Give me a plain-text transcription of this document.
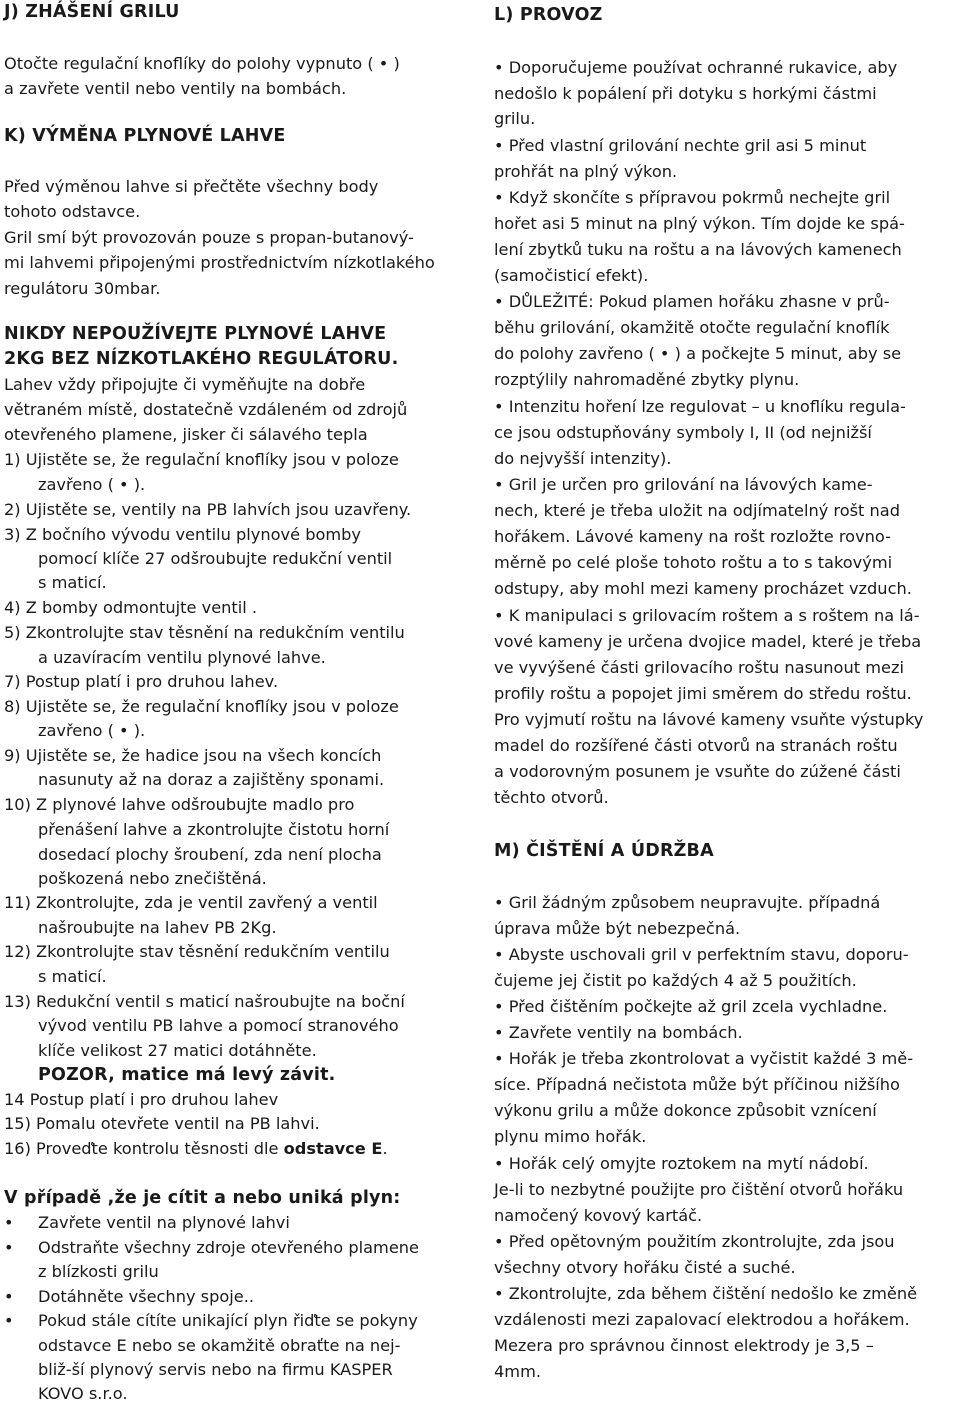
J) ZHÁŠENÍ GRILU
Otočte regulační knoflíky do polohy vypnuto ( • )
a zavřete ventil nebo ventily na bombách.
K) VÝMĚNA PLYNOVÉ LAHVE
Před výměnou lahve si přečtěte všechny body
tohoto odstavce.
Gril smí být provozován pouze s propan-butanový-
mi lahvemi připojenými prostřednictvím nízkotlakého
regulátoru 30mbar.
NIKDY NEPOUŽÍVEJTE PLYNOVÉ LAHVE
2KG BEZ NÍZKOTLAKÉHO REGULÁTORU.
Lahev vždy připojujte či vyměňujte na dobře
větraném místě, dostatečně vzdáleném od zdrojů
otevřeného plamene, jisker či sálavého tepla
1) Ujistěte se, že regulační knoflíky jsou v poloze
zavřeno ( • ).
2) Ujistěte se, ventily na PB lahvích jsou uzavřeny.
3) Z bočního vývodu ventilu plynové bomby
pomocí klíče 27 odšroubujte redukční ventil
s maticí.
4) Z bomby odmontujte ventil .
5) Zkontrolujte stav těsnění na redukčním ventilu
a uzavíracím ventilu plynové lahve.
7) Postup platí i pro druhou lahev.
8) Ujistěte se, že regulační knoflíky jsou v poloze
zavřeno ( • ).
9) Ujistěte se, že hadice jsou na všech koncích
nasunuty až na doraz a zajištěny sponami.
10) Z plynové lahve odšroubujte madlo pro
přenášení lahve a zkontrolujte čistotu horní
dosedací plochy šroubení, zda není plocha
poškozená nebo znečištěná.
11) Zkontrolujte, zda je ventil zavřený a ventil
našroubujte na lahev PB 2Kg.
12) Zkontrolujte stav těsnění redukčním ventilu
s maticí.
13) Redukční ventil s maticí našroubujte na boční
vývod ventilu PB lahve a pomocí stranového
klíče velikost 27 matici dotáhněte.
POZOR, matice má levý závit.
14 Postup platí i pro druhou lahev
15) Pomalu otevřete ventil na PB lahvi.
16) Proveďte kontrolu těsnosti dle odstavce E.
V případě ,že je cítit a nebo uniká plyn:
• Zavřete ventil na plynové lahvi
• Odstraňte všechny zdroje otevřeného plamene
z blízkosti grilu
• Dotáhněte všechny spoje..
• Pokud stále cítíte unikající plyn řiďte se pokyny
odstavce E nebo se okamžitě obraťte na nej-
bliž-ší plynový servis nebo na firmu KASPER
KOVO s.r.o.
L) PROVOZ
• Doporučujeme používat ochranné rukavice, aby
nedošlo k popálení při dotyku s horkými částmi
grilu.
• Před vlastní grilování nechte gril asi 5 minut
prohřát na plný výkon.
• Když skončíte s přípravou pokrmů nechejte gril
hořet asi 5 minut na plný výkon. Tím dojde ke spá-
lení zbytků tuku na roštu a na lávových kamenech
(samočisticí efekt).
• DŮLEŽITÉ: Pokud plamen hořáku zhasne v prů-
běhu grilování, okamžitě otočte regulační knoflík
do polohy zavřeno ( • ) a počkejte 5 minut, aby se
rozptýlily nahromaděné zbytky plynu.
• Intenzitu hoření lze regulovat – u knoflíku regula-
ce jsou odstupňovány symboly I, II (od nejnižší
do nejvyšší intenzity).
• Gril je určen pro grilování na lávových kame-
nech, které je třeba uložit na odjímatelný rošt nad
hořákem. Lávové kameny na rošt rozložte rovno-
měrně po celé ploše tohoto roštu a to s takovými
odstupy, aby mohl mezi kameny procházet vzduch.
• K manipulaci s grilovacím roštem a s roštem na lá-
vové kameny je určena dvojice madel, které je třeba
ve vyvýšené části grilovacího roštu nasunout mezi
profily roštu a popojet jimi směrem do středu roštu.
Pro vyjmutí roštu na lávové kameny vsuňte výstupky
madel do rozšířené části otvorů na stranách roštu
a vodorovným posunem je vsuňte do zúžené části
těchto otvorů.
M) ČIŠTĚNÍ A ÚDRŽBA
• Gril žádným způsobem neupravujte. případná
úprava může být nebezpečná.
• Abyste uschovali gril v perfektním stavu, doporu-
čujeme jej čistit po každých 4 až 5 použitích.
• Před čištěním počkejte až gril zcela vychladne.
• Zavřete ventily na bombách.
• Hořák je třeba zkontrolovat a vyčistit každé 3 mě-
síce. Případná nečistota může být příčinou nižšího
výkonu grilu a může dokonce způsobit vznícení
plynu mimo hořák.
• Hořák celý omyjte roztokem na mytí nádobí.
Je-li to nezbytné použijte pro čištění otvorů hořáku
namočený kovový kartáč.
• Před opětovným použitím zkontrolujte, zda jsou
všechny otvory hořáku čisté a suché.
• Zkontrolujte, zda během čištění nedošlo ke změně
vzdálenosti mezi zapalovací elektrodou a hořákem.
Mezera pro správnou činnost elektrody je 3,5 –
4mm.
